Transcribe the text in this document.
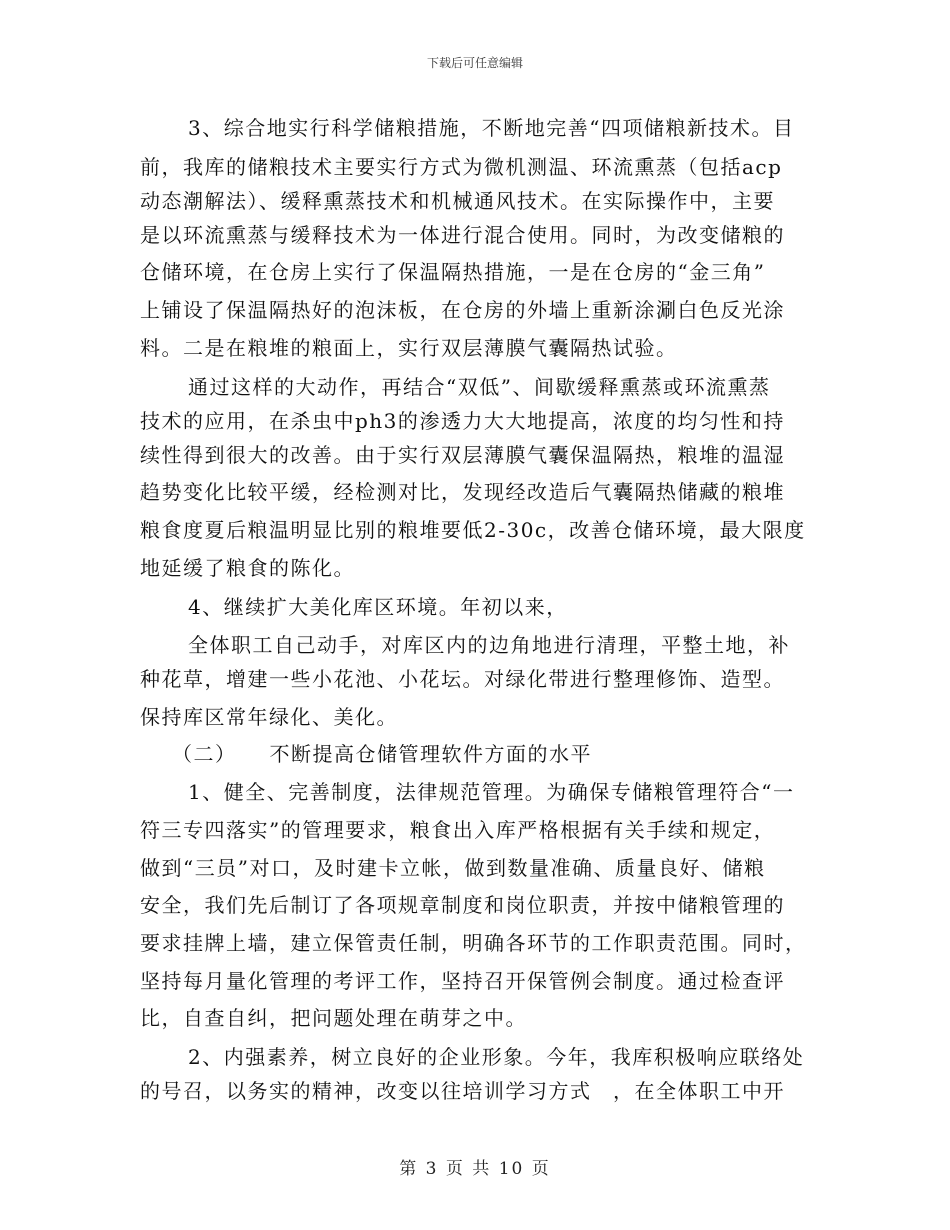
下载后可任意编辑
3、综合地实行科学储粮措施，不断地完善“四项储粮新技术。目
前，我库的储粮技术主要实行方式为微机测温、环流熏蒸（包括acp
动态潮解法）、缓释熏蒸技术和机械通风技术。在实际操作中，主要
是以环流熏蒸与缓释技术为一体进行混合使用。同时，为改变储粮的
仓储环境，在仓房上实行了保温隔热措施，一是在仓房的“金三角”
上铺设了保温隔热好的泡沫板，在仓房的外墙上重新涂涮白色反光涂
料。二是在粮堆的粮面上，实行双层薄膜气囊隔热试验。
通过这样的大动作，再结合“双低”、间歇缓释熏蒸或环流熏蒸
技术的应用，在杀虫中ph3的渗透力大大地提高，浓度的均匀性和持
续性得到很大的改善。由于实行双层薄膜气囊保温隔热，粮堆的温湿
趋势变化比较平缓，经检测对比，发现经改造后气囊隔热储藏的粮堆
粮食度夏后粮温明显比别的粮堆要低2-30c，改善仓储环境，最大限度
地延缓了粮食的陈化。
4、继续扩大美化库区环境。年初以来，
全体职工自己动手，对库区内的边角地进行清理，平整土地，补
种花草，增建一些小花池、小花坛。对绿化带进行整理修饰、造型。
保持库区常年绿化、美化。
（二）　　不断提高仓储管理软件方面的水平
1、健全、完善制度，法律规范管理。为确保专储粮管理符合“一
符三专四落实”的管理要求，粮食出入库严格根据有关手续和规定，
做到“三员”对口，及时建卡立帐，做到数量准确、质量良好、储粮
安全，我们先后制订了各项规章制度和岗位职责，并按中储粮管理的
要求挂牌上墙，建立保管责任制，明确各环节的工作职责范围。同时，
坚持每月量化管理的考评工作，坚持召开保管例会制度。通过检查评
比，自查自纠，把问题处理在萌芽之中。
2、内强素养，树立良好的企业形象。今年，我库积极响应联络处
的号召，以务实的精神，改变以往培训学习方式　，在全体职工中开
第 3 页 共 10 页
